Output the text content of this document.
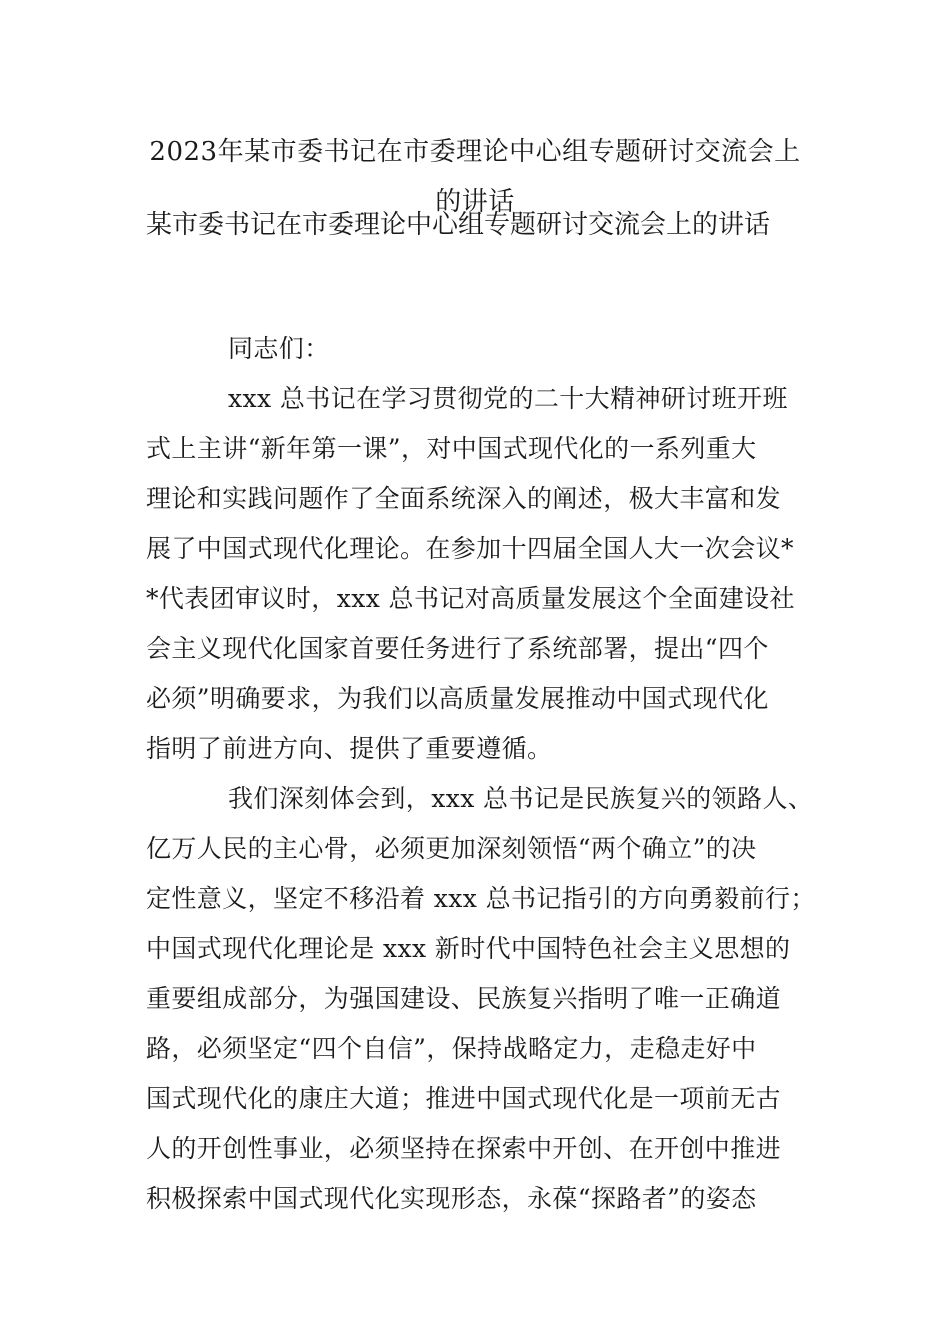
2023年某市委书记在市委理论中心组专题研讨交流会上的讲话
某市委书记在市委理论中心组专题研讨交流会上的讲话
同志们：
xxx 总书记在学习贯彻党的二十大精神研讨班开班
式上主讲“新年第一课”，对中国式现代化的一系列重大
理论和实践问题作了全面系统深入的阐述，极大丰富和发
展了中国式现代化理论。在参加十四届全国人大一次会议*
*代表团审议时，xxx 总书记对高质量发展这个全面建设社
会主义现代化国家首要任务进行了系统部署，提出“四个
必须”明确要求，为我们以高质量发展推动中国式现代化
指明了前进方向、提供了重要遵循。
我们深刻体会到，xxx 总书记是民族复兴的领路人、
亿万人民的主心骨，必须更加深刻领悟“两个确立”的决
定性意义，坚定不移沿着 xxx 总书记指引的方向勇毅前行；
中国式现代化理论是 xxx 新时代中国特色社会主义思想的
重要组成部分，为强国建设、民族复兴指明了唯一正确道
路，必须坚定“四个自信”，保持战略定力，走稳走好中
国式现代化的康庄大道；推进中国式现代化是一项前无古
人的开创性事业，必须坚持在探索中开创、在开创中推进
积极探索中国式现代化实现形态，永葆“探路者”的姿态
